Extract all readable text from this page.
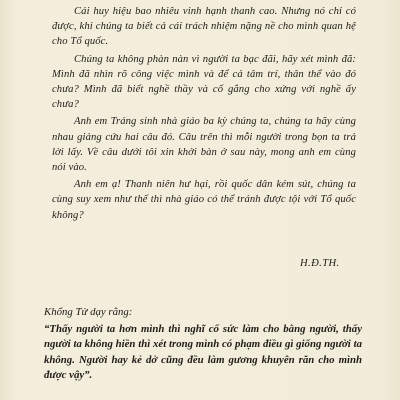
Cái huy hiệu bao nhiêu vinh hạnh thanh cao. Nhưng nó chỉ có được, khi chúng ta biết cả cái trách nhiệm nặng nề cho mình quan hệ cho Tổ quốc.

Chúng ta không phàn nàn vì người ta bạc đãi, hãy xét mình đã: Mình đã nhìn rõ công việc mình và để cả tâm trí, thân thể vào đó chưa? Mình đã biết nghề thầy và cố gắng cho xứng với nghề ấy chưa?

Anh em Tráng sinh nhà giáo ba kỳ chúng ta, chúng ta hãy cùng nhau giảng cứu hai câu đó. Câu trên thì mỗi người trong bọn ta trả lời lấy. Về câu dưới tôi xin khởi bàn ở sau này, mong anh em cùng nói vào.

Anh em ạ! Thanh niên hư hại, rồi quốc dân kém sút, chúng ta cùng suy xem như thế thì nhà giáo có thể tránh được tội với Tổ quốc không?

H.Đ.TH.

Khổng Tử dạy rằng:

“Thấy người ta hơn mình thì nghĩ cố sức làm cho bằng người, thấy người ta không hiền thì xét trong mình có phạm điều gì giống người ta không. Người hay kẻ dở cũng đều làm gương khuyên răn cho mình được vậy”.
